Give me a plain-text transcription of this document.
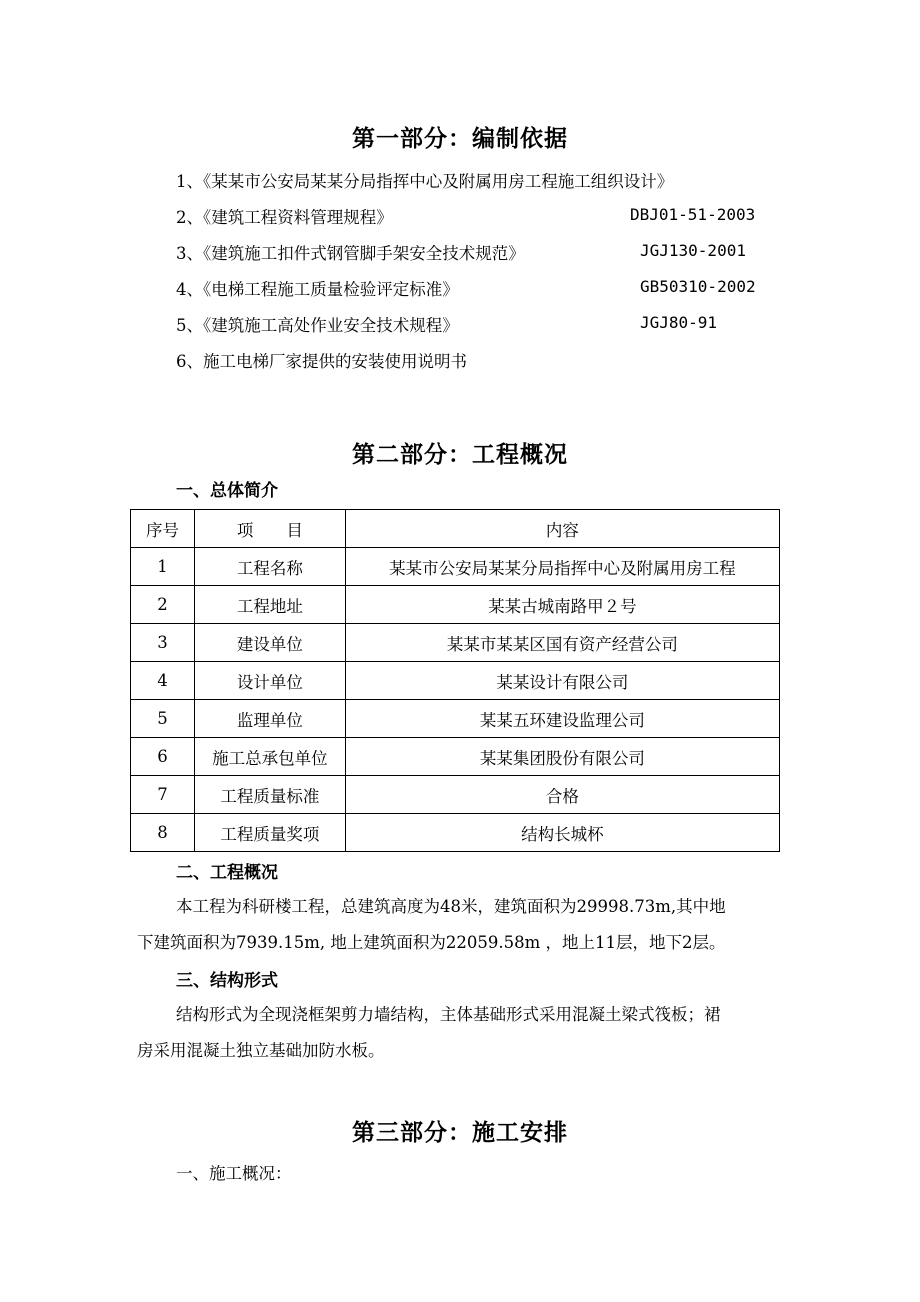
第一部分：编制依据
1、《某某市公安局某某分局指挥中心及附属用房工程施工组织设计》
2、《建筑工程资料管理规程》	DBJ01-51-2003
3、《建筑施工扣件式钢管脚手架安全技术规范》	JGJ130-2001
4、《电梯工程施工质量检验评定标准》	GB50310-2002
5、《建筑施工高处作业安全技术规程》	JGJ80-91
6、施工电梯厂家提供的安装使用说明书
第二部分：工程概况
一、总体简介
序号	项　　目	内容
1	工程名称	某某市公安局某某分局指挥中心及附属用房工程
2	工程地址	某某古城南路甲２号
3	建设单位	某某市某某区国有资产经营公司
4	设计单位	某某设计有限公司
5	监理单位	某某五环建设监理公司
6	施工总承包单位	某某集团股份有限公司
7	工程质量标准	合格
8	工程质量奖项	结构长城杯
二、工程概况
本工程为科研楼工程，总建筑高度为48米，建筑面积为29998.73m,其中地
下建筑面积为7939.15m, 地上建筑面积为22059.58m ，地上11层，地下2层。
三、结构形式
结构形式为全现浇框架剪力墙结构，主体基础形式采用混凝土梁式筏板；裙
房采用混凝土独立基础加防水板。
第三部分：施工安排
一、施工概况：
